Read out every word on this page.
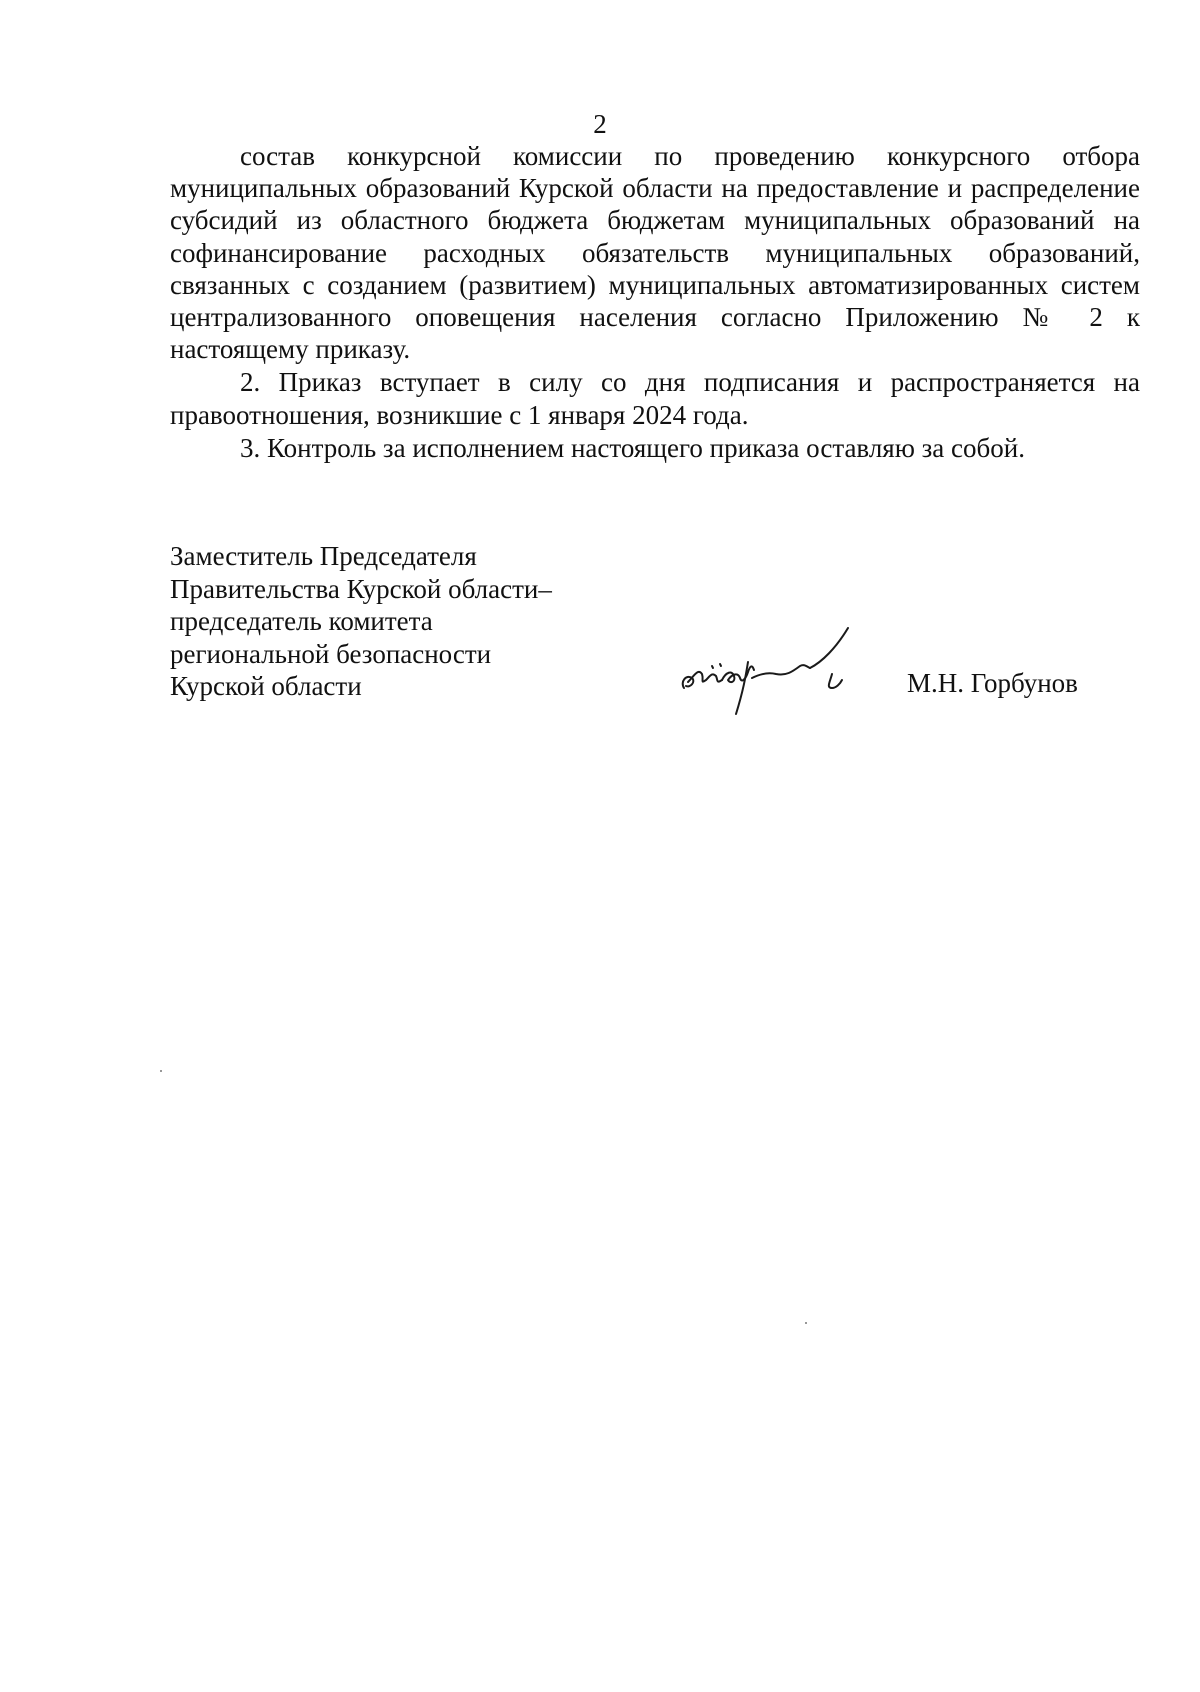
2

состав конкурсной комиссии по проведению конкурсного отбора муниципальных образований Курской области на предоставление и распределение субсидий из областного бюджета бюджетам муниципальных образований на софинансирование расходных обязательств муниципальных образований, связанных с созданием (развитием) муниципальных автоматизированных систем централизованного оповещения населения согласно Приложению № 2 к настоящему приказу.

2. Приказ вступает в силу со дня подписания и распространяется на правоотношения, возникшие с 1 января 2024 года.

3. Контроль за исполнением настоящего приказа оставляю за собой.

Заместитель Председателя
Правительства Курской области–
председатель комитета
региональной безопасности
Курской области	М.Н. Горбунов
